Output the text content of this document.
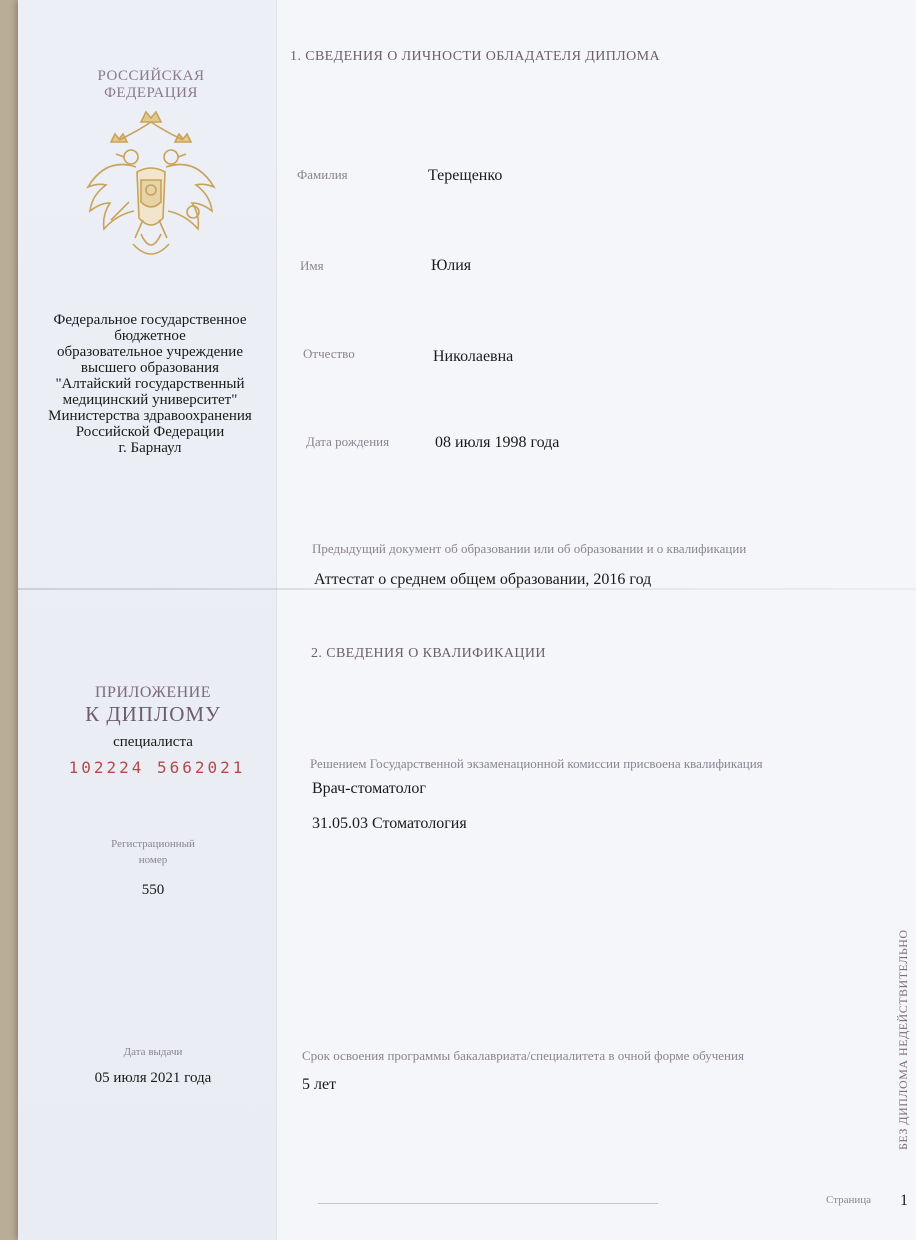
РОССИЙСКАЯ
ФЕДЕРАЦИЯ
Федеральное государственное
бюджетное
образовательное учреждение
высшего образования
"Алтайский государственный
медицинский университет"
Министерства здравоохранения
Российской Федерации
г. Барнаул
ПРИЛОЖЕНИЕ
К ДИПЛОМУ
специалиста
102224 5662021
Регистрационный
номер
550
Дата выдачи
05 июля 2021 года
1. СВЕДЕНИЯ О ЛИЧНОСТИ ОБЛАДАТЕЛЯ ДИПЛОМА
Фамилия	Терещенко
Имя	Юлия
Отчество	Николаевна
Дата рождения	08 июля 1998 года
Предыдущий документ об образовании или об образовании и о квалификации
Аттестат о среднем общем образовании, 2016 год
2. СВЕДЕНИЯ О КВАЛИФИКАЦИИ
Решением Государственной экзаменационной комиссии присвоена квалификация
Врач-стоматолог
31.05.03 Стоматология
Срок освоения программы бакалавриата/специалитета в очной форме обучения
5 лет	БЕЗ ДИПЛОМА НЕДЕЙСТВИТЕЛЬНО
Страница 1
